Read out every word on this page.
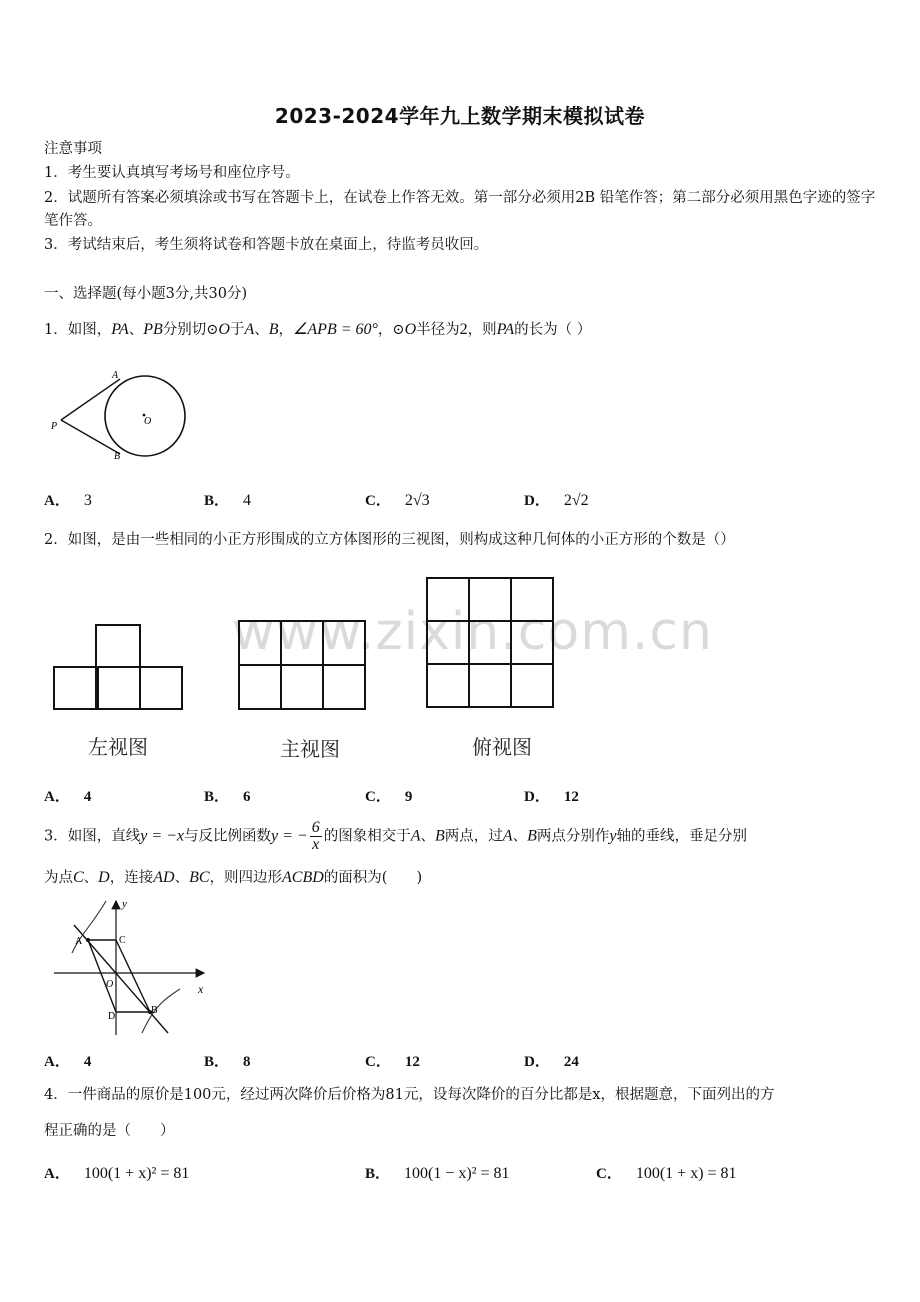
2023-2024学年九上数学期末模拟试卷
注意事项
1．考生要认真填写考场号和座位序号。
2．试题所有答案必须填涂或书写在答题卡上，在试卷上作答无效。第一部分必须用2B 铅笔作答；第二部分必须用黑色字迹的签字笔作答。
3．考试结束后，考生须将试卷和答题卡放在桌面上，待监考员收回。
一、选择题(每小题3分,共30分)
1．如图，PA、PB分别切⊙O于A、B，∠APB = 60°，⊙O半径为2，则PA的长为（ ）
A
B
P	O
A． 3	B． 4	C． 2√3	D． 2√2
2．如图，是由一些相同的小正方形围成的立方体图形的三视图，则构成这种几何体的小正方形的个数是（）
www.zixin.com.cn
左视图	主视图	俯视图
A． 4	B． 6	C． 9	D． 12
3．如图，直线y = −x与反比例函数y = − $\frac{6}{x}$ 的图象相交于A、B两点，过A、B两点分别作y轴的垂线，垂足分别
为点C、D，连接AD、BC，则四边形ACBD的面积为(　　)
x
y
A	C
O
D
B
A． 4	B． 8	C． 12	D． 24
4．一件商品的原价是100元，经过两次降价后价格为81元，设每次降价的百分比都是x，根据题意，下面列出的方
程正确的是（　　）
A． 100(1 + x)² = 81	B． 100(1 − x)² = 81	C． 100(1 + x) = 81
